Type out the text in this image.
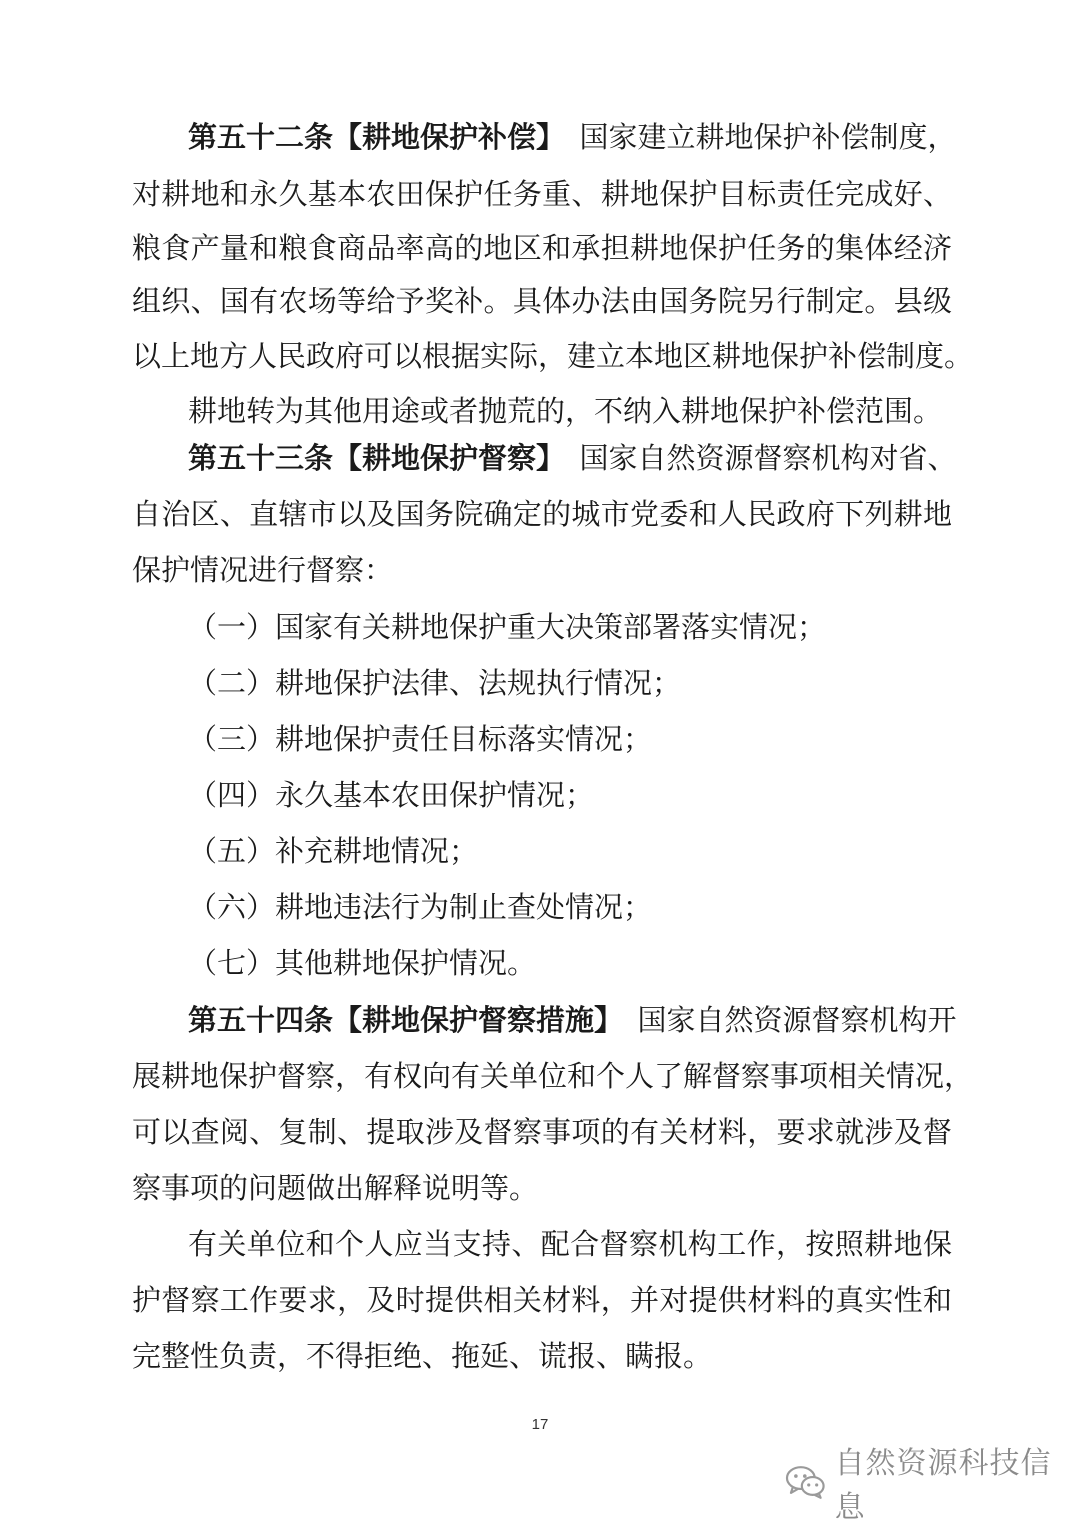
第五十二条【耕地保护补偿】　 国家建立耕地保护补偿制度，
对耕地和永久基本农田保护任务重、耕地保护目标责任完成好、
粮食产量和粮食商品率高的地区和承担耕地保护任务的集体经济
组织、国有农场等给予奖补。具体办法由国务院另行制定。县级
以上地方人民政府可以根据实际，建立本地区耕地保护补偿制度。
耕地转为其他用途或者抛荒的，不纳入耕地保护补偿范围。
第五十三条【耕地保护督察】　 国家自然资源督察机构对省、
自治区、直辖市以及国务院确定的城市党委和人民政府下列耕地
保护情况进行督察：
（一）国家有关耕地保护重大决策部署落实情况；
（二）耕地保护法律、法规执行情况；
（三）耕地保护责任目标落实情况；
（四）永久基本农田保护情况；
（五）补充耕地情况；
（六）耕地违法行为制止查处情况；
（七）其他耕地保护情况。
第五十四条【耕地保护督察措施】　 国家自然资源督察机构开
展耕地保护督察，有权向有关单位和个人了解督察事项相关情况，
可以查阅、复制、提取涉及督察事项的有关材料，要求就涉及督
察事项的问题做出解释说明等。
有关单位和个人应当支持、配合督察机构工作，按照耕地保
护督察工作要求，及时提供相关材料，并对提供材料的真实性和
完整性负责，不得拒绝、拖延、谎报、瞒报。
17
自然资源科技信息
